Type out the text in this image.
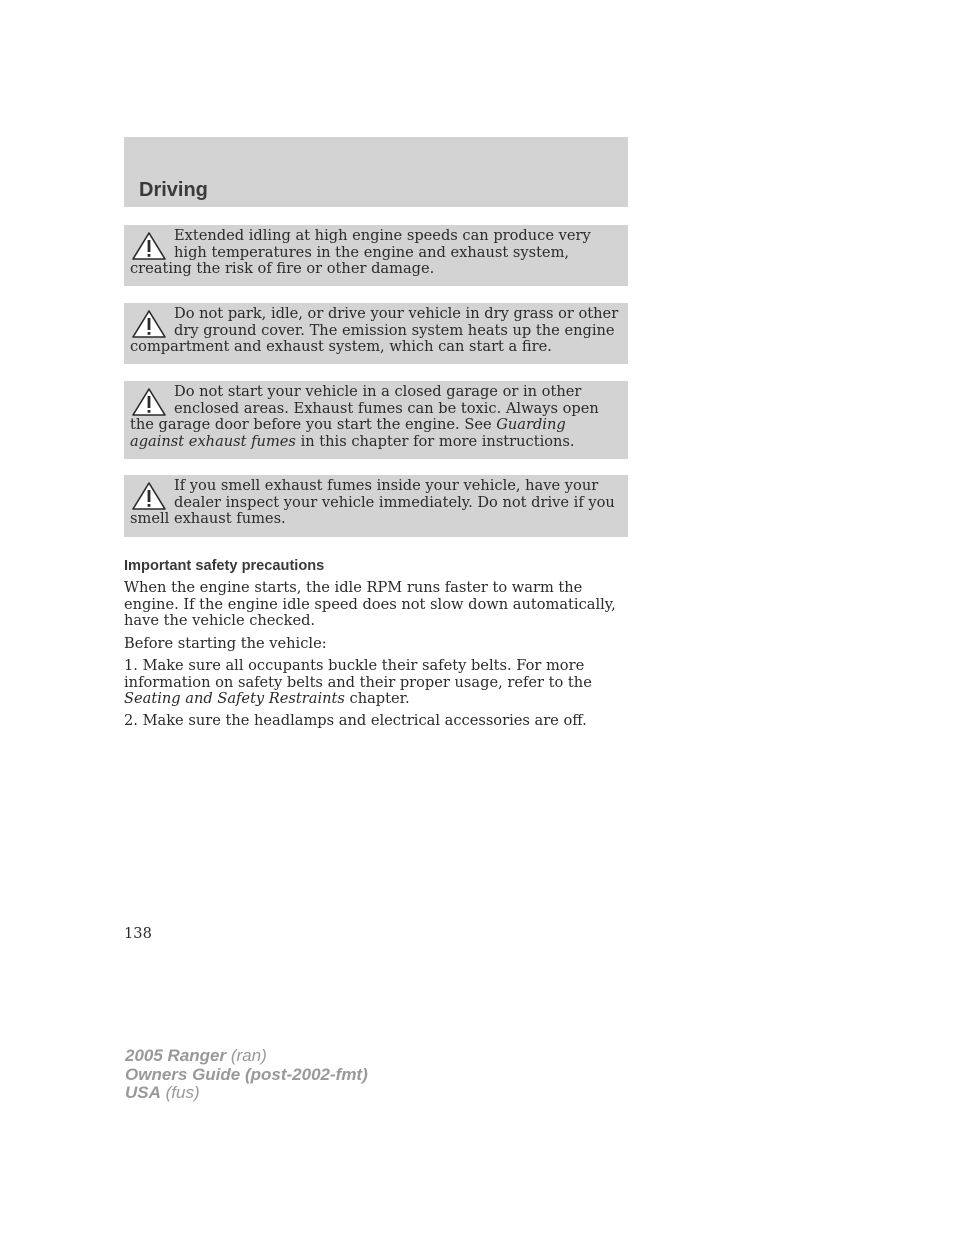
Driving
Extended idling at high engine speeds can produce very high temperatures in the engine and exhaust system, creating the risk of fire or other damage.
Do not park, idle, or drive your vehicle in dry grass or other dry ground cover. The emission system heats up the engine compartment and exhaust system, which can start a fire.
Do not start your vehicle in a closed garage or in other enclosed areas. Exhaust fumes can be toxic. Always open the garage door before you start the engine. See Guarding against exhaust fumes in this chapter for more instructions.
If you smell exhaust fumes inside your vehicle, have your dealer inspect your vehicle immediately. Do not drive if you smell exhaust fumes.
Important safety precautions

When the engine starts, the idle RPM runs faster to warm the engine. If the engine idle speed does not slow down automatically, have the vehicle checked.

Before starting the vehicle:

1. Make sure all occupants buckle their safety belts. For more information on safety belts and their proper usage, refer to the Seating and Safety Restraints chapter.

2. Make sure the headlamps and electrical accessories are off.

138
2005 Ranger (ran)
Owners Guide (post-2002-fmt)
USA (fus)
